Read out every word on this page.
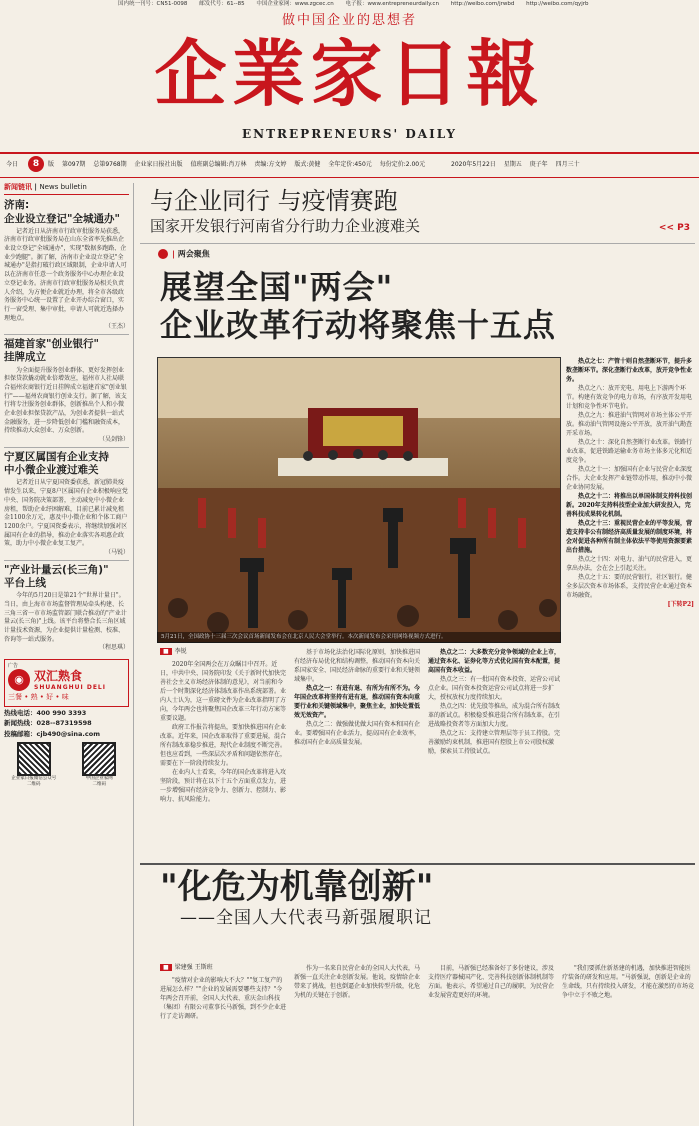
国内统一刊号：CN51-0098 邮发代号：61--85 中国企业家网：www.zgcec.cn 电子报：www.entrepreneurdaily.cn http://weibo.com/jrwbd http://weibo.com/qyjrb
做中国企业的思想者
企業家日報
ENTREPRENEURS' DAILY
今日 8 版 第097期 总第9768期 企业家日报社出版 值班副总编辑:肖万林 责编:方文婷 版式:黄健 全年定价:450元 每份定价:2.00元	2020年5月22日 星期五 庚子年 四月三十
新闻链讯 | News bulletin
济南:
企业设立登记"全城通办"
记者近日从济南市行政审批服务局获悉，济南市行政审批服务局在山东全省率先推出企业设立登记"全城通办"，实现"数据多跑路、企业少跑腿"。据了解，济南市企业设立登记"全城通办"是指打破行政区域限制，企业申请人可以在济南市任意一个政务服务中心办理企业设立登记业务。济南市行政审批服务局相关负责人介绍，为方便企业就近办理，将全市各级政务服务中心统一设置了企业开办综合窗口，实行一窗受理、集中审批，申请人可就近选择办理地点。
（王杰）
福建首家"创业银行"
挂牌成立
为全面提升服务创业群体、更好发挥创业担保贷款撬动就业倍增效应，福州市人社局联合福州农商银行近日挂牌成立福建首家"创业银行"——福州农商银行创业支行。据了解，该支行将专注服务创业群体，创新推出个人和小微企业创业担保贷款产品，为创业者提供一站式金融服务，进一步降低创业门槛和融资成本，持续推动大众创业、万众创新。
（吴剑锋）
宁夏区属国有企业支持
中小微企业渡过难关
记者近日从宁夏国资委获悉，新冠肺炎疫情发生以来，宁夏8户区属国有企业积极响应党中央、国务院决策部署，主动减免中小微企业房租，帮助企业纾困解难，目前已累计减免租金1100余万元，惠及中小微企业和个体工商户1200余户。宁夏国资委表示，将继续加强对区属国有企业的指导，推动企业落实各项惠企政策，助力中小微企业复工复产。
（马锐）
"产业计量云(长三角)"
平台上线
今年的5月20日是第21个"世界计量日"。当日，由上海市市场监督管理局牵头构建、长三角三省一市市场监管部门联合推动的"产业计量云(长三角)"上线。该平台将整合长三角区域计量技术资源，为企业提供计量检测、校准、咨询等一站式服务。
（程思琪）
广告
◉ 双汇熟食
SHUANGHUI DELI
三餐 • 熟 • 好 • 味
热线电话：400 990 3393
新闻热线：028--87319598
投稿邮箱：cjb490@sina.com
企业家日报微信公众号
二维码
中国企业家网
二维码
与企业同行 与疫情赛跑
国家开发银行河南省分行助力企业渡难关	<< P3
| 两会聚焦
展望全国"两会"
企业改革行动将聚焦十五点
5月21日，全国政协十三届三次会议首场新闻发布会在北京人民大会堂举行。本次新闻发布会采用网络视频方式进行。
■ 李锐

2020年全国两会在万众瞩目中召开。近日，中共中央、国务院印发《关于新时代加快完善社会主义市场经济体制的意见》，对当前和今后一个时期深化经济体制改革作出系统部署。业内人士认为，这一重磅文件为企业改革指明了方向，今年两会也将聚焦国企改革三年行动方案等重要议题。

政府工作报告将提出，要加快推进国有企业改革。近年来，国企改革取得了重要进展，混合所有制改革稳步推进，现代企业制度不断完善。但也应看到，一些深层次矛盾和问题依然存在，需要在下一阶段持续发力。

在业内人士看来，今年的国企改革将进入攻坚阶段，预计将在以下十五个方面重点发力，进一步增强国有经济竞争力、创新力、控制力、影响力、抗风险能力。

基于市场化法治化国际化原则，加快推进国有经济布局优化和结构调整，推动国有资本向关系国家安全、国民经济命脉的重要行业和关键领域集中。

热点之一：有进有退、有所为有所不为。今年国企改革将坚持有进有退，推动国有资本向重要行业和关键领域集中，聚焦主业，加快处置低效无效资产。

热点之二：做强做优做大国有资本和国有企业。要增强国有企业活力，提高国有企业效率，推动国有企业高质量发展。

热点之二：大多数充分竞争领域的企业上市，通过资本化、证券化等方式优化国有资本配置，提高国有资本收益。

热点之三：有一批国有资本投资、运营公司试点企业。国有资本投资运营公司试点将进一步扩大，授权放权力度持续加大。

热点之四：优先股等推出，成为混合所有制改革的新试点。积极稳妥推进混合所有制改革，在引进战略投资者等方面加大力度。

热点之五：支持建立管理层等于员工持股。完善激励约束机制，推进国有控股上市公司股权激励，探索员工持股试点。

热点之七：产管十则自然垄断环节，提升多数垄断环节。深化垄断行业改革，放开竞争性业务。

热点之八：放开充电、用电上下游两个环节。构建有效竞争的电力市场，有序放开发用电计划和竞争性环节电价。

热点之九：推进油气管网对市场主体公平开放。推动油气管网设施公平开放，放开油气勘查开采市场。

热点之十：深化自然垄断行业改革。铁路行业改革，促进铁路运输业务市场主体多元化和适度竞争。

热点之十一：加强国有企业与民营企业深度合作。大企业发挥产业链带动作用，推动中小微企业协同发展。

热点之十二：将推出以单国体制支持科技创新。2020年支持科技型企业加大研发投入，完善科技成果转化机制。

热点之十三：重视民营企业的平等发展，营造支持非公有制经济高质量发展的制度环境，将会对促进各种所有制主体依法平等使用资源要素出台措施。

热点之十四：对电力、油气的民营进入，更拿出办法，会在会上引起关注。

热点之十五：要的民营银行，社区银行。健全多层次资本市场体系，支持民营企业通过资本市场融资。

[下转P2]
"化危为机靠创新"
——全国人大代表马新强履职记
■ 梁建强 王斯班

"疫情对企业的影响大不大？""复工复产的进展怎么样？""企业的发展需要哪些支持？"今年两会召开前，全国人大代表、重庆金山科技（集团）有限公司董事长马新强，到不少企业进行了走访调研。

作为一名来自民营企业的全国人大代表，马新强一直关注企业创新发展。他说，疫情给企业带来了挑战，但也倒逼企业加快转型升级，化危为机的关键在于创新。

目前，马新强已经准备好了多份建议，涉及支持医疗器械国产化、完善科技创新体制机制等方面。他表示，希望通过自己的履职，为民营企业发展营造更好的环境。

"我们要抓住新基建的机遇，加快推进智能医疗装备的研发和应用。"马新强说，创新是企业的生命线，只有持续投入研发，才能在激烈的市场竞争中立于不败之地。
